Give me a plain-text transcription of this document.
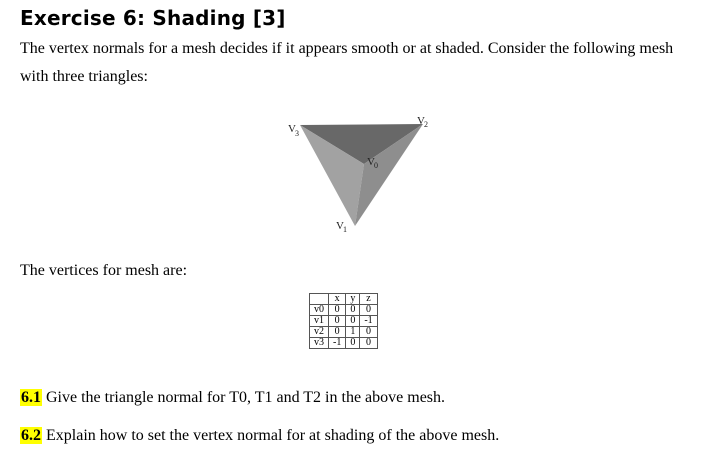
Exercise 6: Shading [3]
The vertex normals for a mesh decides if it appears smooth or at shaded. Consider the following mesh
with three triangles:
V 3
V 2
V 0
V 1
The vertices for mesh are:
	x	y	z
v0	0	0	0
v1	0	0	-1
v2	0	1	0
v3	-1	0	0
6.1 Give the triangle normal for T0, T1 and T2 in the above mesh.
6.2 Explain how to set the vertex normal for at shading of the above mesh.
